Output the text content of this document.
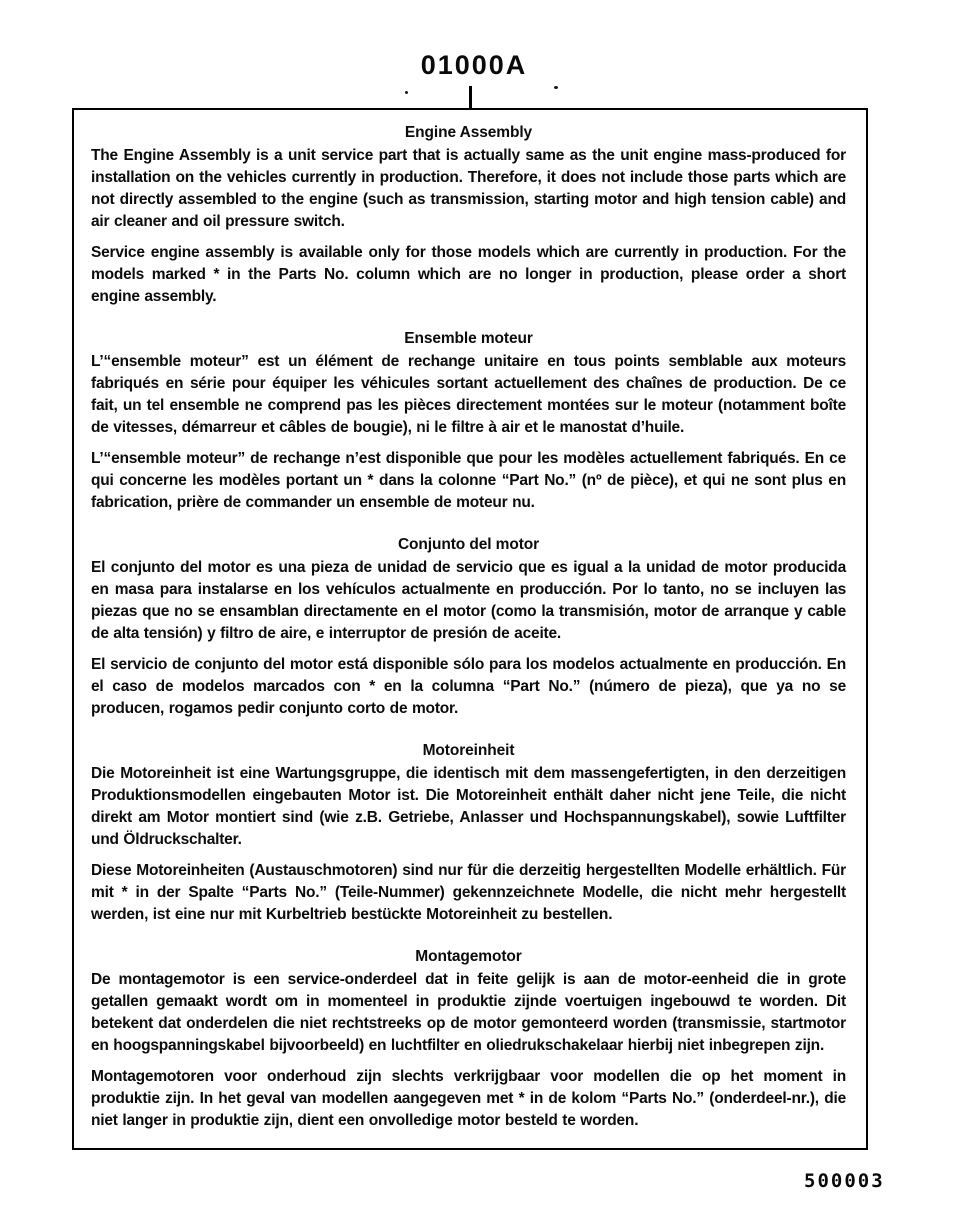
01000A
Engine Assembly

The Engine Assembly is a unit service part that is actually same as the unit engine mass-produced for installation on the vehicles currently in production. Therefore, it does not include those parts which are not directly assembled to the engine (such as transmission, starting motor and high tension cable) and air cleaner and oil pressure switch.

Service engine assembly is available only for those models which are currently in production. For the models marked * in the Parts No. column which are no longer in production, please order a short engine assembly.

Ensemble moteur

L’“ensemble moteur” est un élément de rechange unitaire en tous points semblable aux moteurs fabriqués en série pour équiper les véhicules sortant actuellement des chaînes de production. De ce fait, un tel ensemble ne comprend pas les pièces directement montées sur le moteur (notamment boîte de vitesses, démarreur et câbles de bougie), ni le filtre à air et le manostat d’huile.

L’“ensemble moteur” de rechange n’est disponible que pour les modèles actuellement fabriqués. En ce qui concerne les modèles portant un * dans la colonne “Part No.” (nº de pièce), et qui ne sont plus en fabrication, prière de commander un ensemble de moteur nu.

Conjunto del motor

El conjunto del motor es una pieza de unidad de servicio que es igual a la unidad de motor producida en masa para instalarse en los vehículos actualmente en producción. Por lo tanto, no se incluyen las piezas que no se ensamblan directamente en el motor (como la transmisión, motor de arranque y cable de alta tensión) y filtro de aire, e interruptor de presión de aceite.

El servicio de conjunto del motor está disponible sólo para los modelos actualmente en producción. En el caso de modelos marcados con * en la columna “Part No.” (número de pieza), que ya no se producen, rogamos pedir conjunto corto de motor.

Motoreinheit

Die Motoreinheit ist eine Wartungsgruppe, die identisch mit dem massengefertigten, in den derzeitigen Produktionsmodellen eingebauten Motor ist. Die Motoreinheit enthält daher nicht jene Teile, die nicht direkt am Motor montiert sind (wie z.B. Getriebe, Anlasser und Hochspannungskabel), sowie Luftfilter und Öldruckschalter.

Diese Motoreinheiten (Austauschmotoren) sind nur für die derzeitig hergestellten Modelle erhältlich. Für mit * in der Spalte “Parts No.” (Teile-Nummer) gekennzeichnete Modelle, die nicht mehr hergestellt werden, ist eine nur mit Kurbeltrieb bestückte Motoreinheit zu bestellen.

Montagemotor

De montagemotor is een service-onderdeel dat in feite gelijk is aan de motor-eenheid die in grote getallen gemaakt wordt om in momenteel in produktie zijnde voertuigen ingebouwd te worden. Dit betekent dat onderdelen die niet rechtstreeks op de motor gemonteerd worden (transmissie, startmotor en hoogspanningskabel bijvoorbeeld) en luchtfilter en oliedrukschakelaar hierbij niet inbegrepen zijn.

Montagemotoren voor onderhoud zijn slechts verkrijgbaar voor modellen die op het moment in produktie zijn. In het geval van modellen aangegeven met * in de kolom “Parts No.” (onderdeel-nr.), die niet langer in produktie zijn, dient een onvolledige motor besteld te worden.

500003
